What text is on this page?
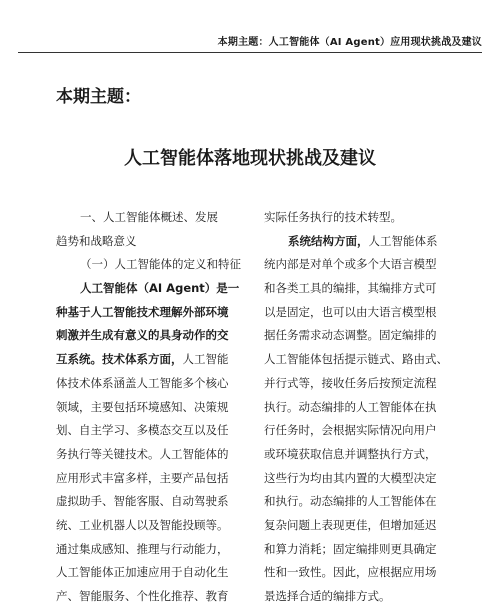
本期主题：人工智能体（AI Agent）应用现状挑战及建议
本期主题：
人工智能体落地现状挑战及建议
一、人工智能体概述、发展
趋势和战略意义
（一）人工智能体的定义和特征
人工智能体（AI Agent）是一
种基于人工智能技术理解外部环境
刺激并生成有意义的具身动作的交
互系统。技术体系方面，人工智能
体技术体系涵盖人工智能多个核心
领域，主要包括环境感知、决策规
划、自主学习、多模态交互以及任
务执行等关键技术。人工智能体的
应用形式丰富多样，主要产品包括
虚拟助手、智能客服、自动驾驶系
统、工业机器人以及智能投顾等。
通过集成感知、推理与行动能力，
人工智能体正加速应用于自动化生
产、智能服务、个性化推荐、教育
实际任务执行的技术转型。
系统结构方面，人工智能体系
统内部是对单个或多个大语言模型
和各类工具的编排，其编排方式可
以是固定，也可以由大语言模型根
据任务需求动态调整。固定编排的
人工智能体包括提示链式、路由式、
并行式等，接收任务后按预定流程
执行。动态编排的人工智能体在执
行任务时，会根据实际情况向用户
或环境获取信息并调整执行方式，
这些行为均由其内置的大模型决定
和执行。动态编排的人工智能体在
复杂问题上表现更佳，但增加延迟
和算力消耗；固定编排则更具确定
性和一致性。因此，应根据应用场
景选择合适的编排方式。
